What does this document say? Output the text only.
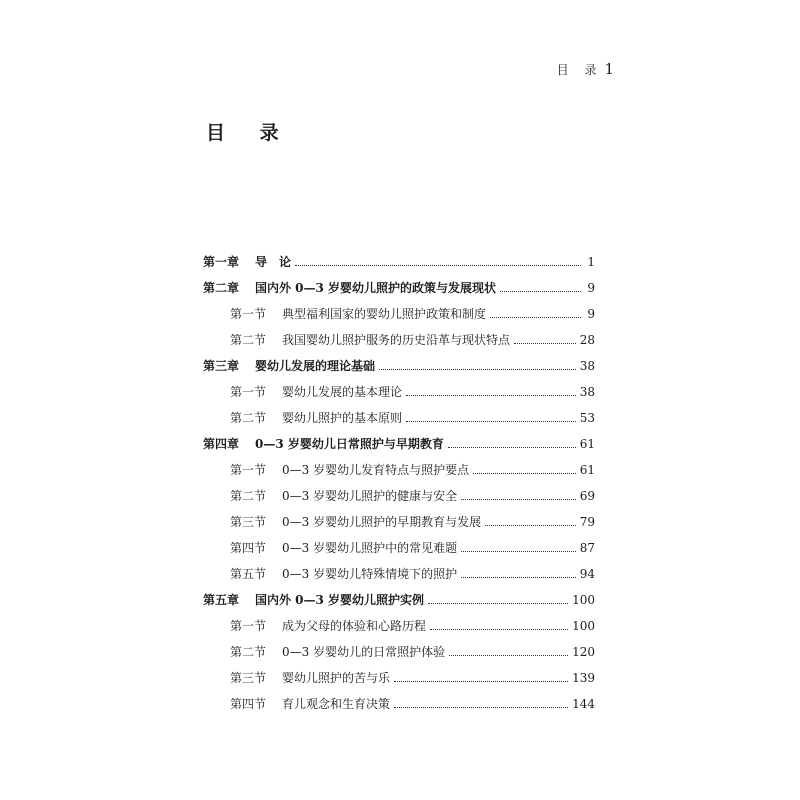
目 录 1
目 录
第一章	导　论	1
第二章	国内外 0—3 岁婴幼儿照护的政策与发展现状	9
第一节	典型福利国家的婴幼儿照护政策和制度	9
第二节	我国婴幼儿照护服务的历史沿革与现状特点	28
第三章	婴幼儿发展的理论基础	38
第一节	婴幼儿发展的基本理论	38
第二节	婴幼儿照护的基本原则	53
第四章	0—3 岁婴幼儿日常照护与早期教育	61
第一节	0—3 岁婴幼儿发育特点与照护要点	61
第二节	0—3 岁婴幼儿照护的健康与安全	69
第三节	0—3 岁婴幼儿照护的早期教育与发展	79
第四节	0—3 岁婴幼儿照护中的常见难题	87
第五节	0—3 岁婴幼儿特殊情境下的照护	94
第五章	国内外 0—3 岁婴幼儿照护实例	100
第一节	成为父母的体验和心路历程	100
第二节	0—3 岁婴幼儿的日常照护体验	120
第三节	婴幼儿照护的苦与乐	139
第四节	育儿观念和生育决策	144
